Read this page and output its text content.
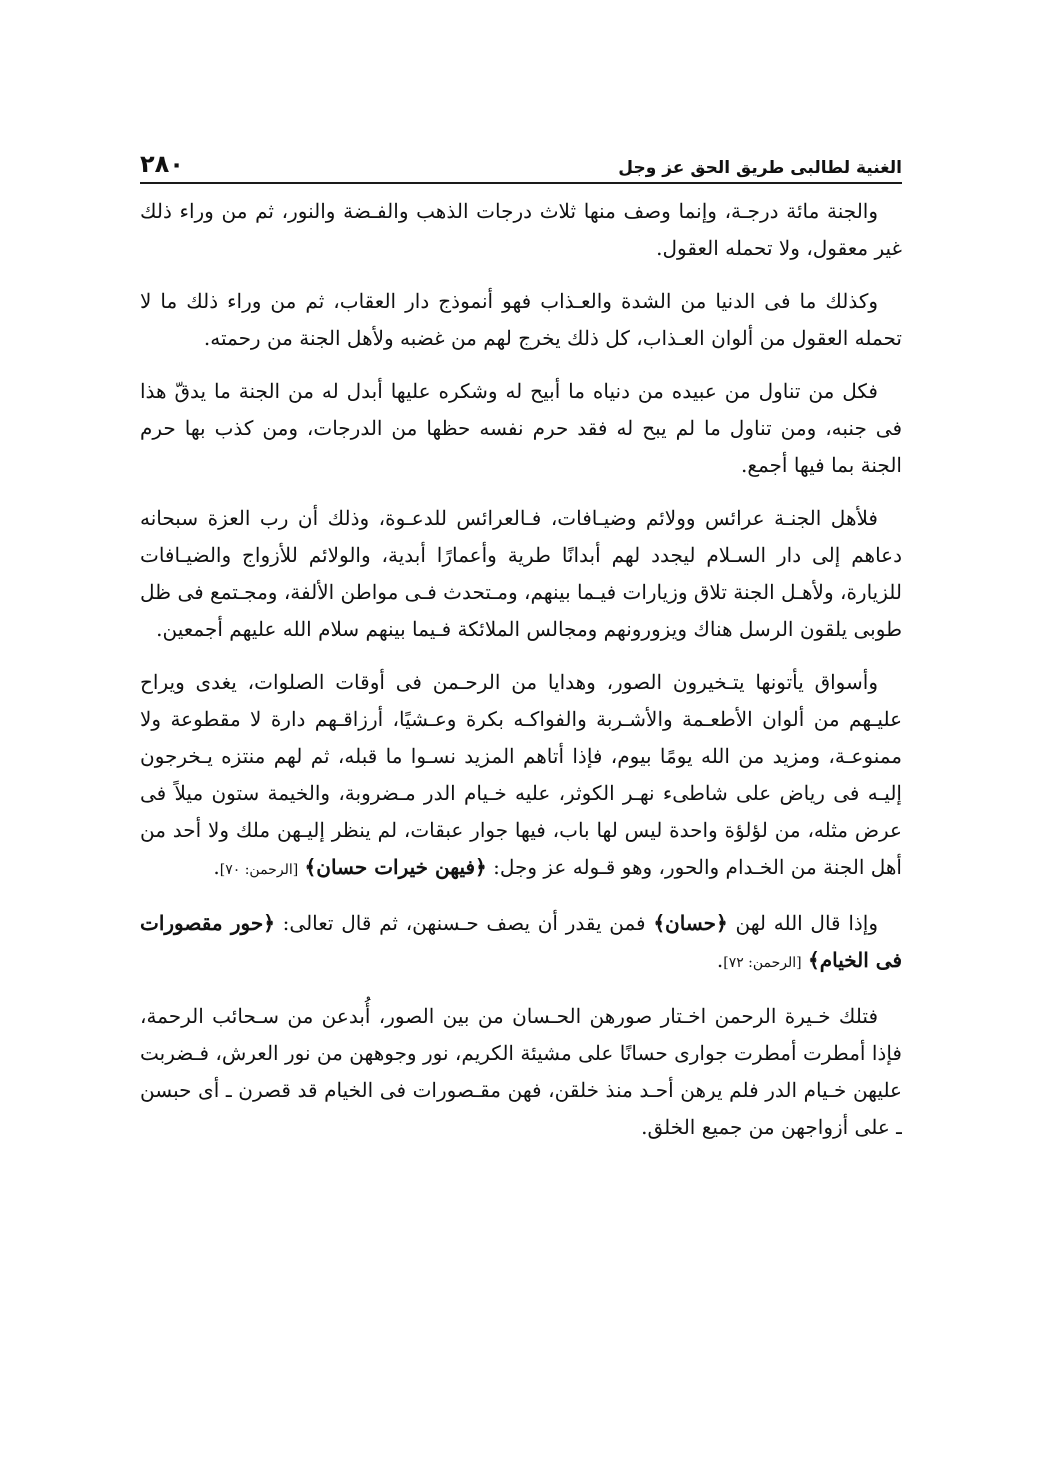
الغنية لطالبى طريق الحق عز وجل
٢٨٠

والجنة مائة درجـة، وإنما وصف منها ثلاث درجات الذهب والفـضة والنور، ثم من وراء ذلك غير معقول، ولا تحمله العقول.

وكذلك ما فى الدنيا من الشدة والعـذاب فهو أنموذج دار العقاب، ثم من وراء ذلك ما لا تحمله العقول من ألوان العـذاب، كل ذلك يخرج لهم من غضبه ولأهل الجنة من رحمته.

فكل من تناول من عبيده من دنياه ما أبيح له وشكره عليها أبدل له من الجنة ما يدقّ هذا فى جنبه، ومن تناول ما لم يبح له فقد حرم نفسه حظها من الدرجات، ومن كذب بها حرم الجنة بما فيها أجمع.

فلأهل الجنـة عرائس وولائم وضيـافات، فـالعرائس للدعـوة، وذلك أن رب العزة سبحانه دعاهم إلى دار السـلام ليجدد لهم أبدانًا طرية وأعمارًا أبدية، والولائم للأزواج والضيـافات للزيارة، ولأهـل الجنة تلاق وزيارات فيـما بينهم، ومـتحدث فـى مواطن الألفة، ومجـتمع فى ظل طوبى يلقون الرسل هناك ويزورونهم ومجالس الملائكة فـيما بينهم سلام الله عليهم أجمعين.

وأسواق يأتونها يتـخيرون الصور، وهدايا من الرحـمن فى أوقات الصلوات، يغدى ويراح عليـهم من ألوان الأطعـمة والأشـربة والفواكـه بكرة وعـشيًا، أرزاقـهم دارة لا مقطوعة ولا ممنوعـة، ومزيد من الله يومًا بيوم، فإذا أتاهم المزيد نسـوا ما قبله، ثم لهم منتزه يـخرجون إليـه فى رياض على شاطىء نهـر الكوثر، عليه خـيام الدر مـضروبة، والخيمة ستون ميلاً فى عرض مثله، من لؤلؤة واحدة ليس لها باب، فيها جوار عبقات، لم ينظر إليـهن ملك ولا أحد من أهل الجنة من الخـدام والحور، وهو قـوله عز وجل: ﴿فيهن خيرات حسان﴾ [الرحمن: ٧٠].

وإذا قال الله لهن ﴿حسان﴾ فمن يقدر أن يصف حـسنهن، ثم قال تعالى: ﴿حور مقصورات فى الخيام﴾ [الرحمن: ٧٢].

فتلك خـيرة الرحمن اخـتار صورهن الحـسان من بين الصور، أُبدعن من سـحائب الرحمة، فإذا أمطرت أمطرت جوارى حسانًا على مشيئة الكريم، نور وجوههن من نور العرش، فـضربت عليهن خـيام الدر فلم يرهن أحـد منذ خلقن، فهن مقـصورات فى الخيام قد قصرن ـ أى حبسن ـ على أزواجهن من جميع الخلق.
